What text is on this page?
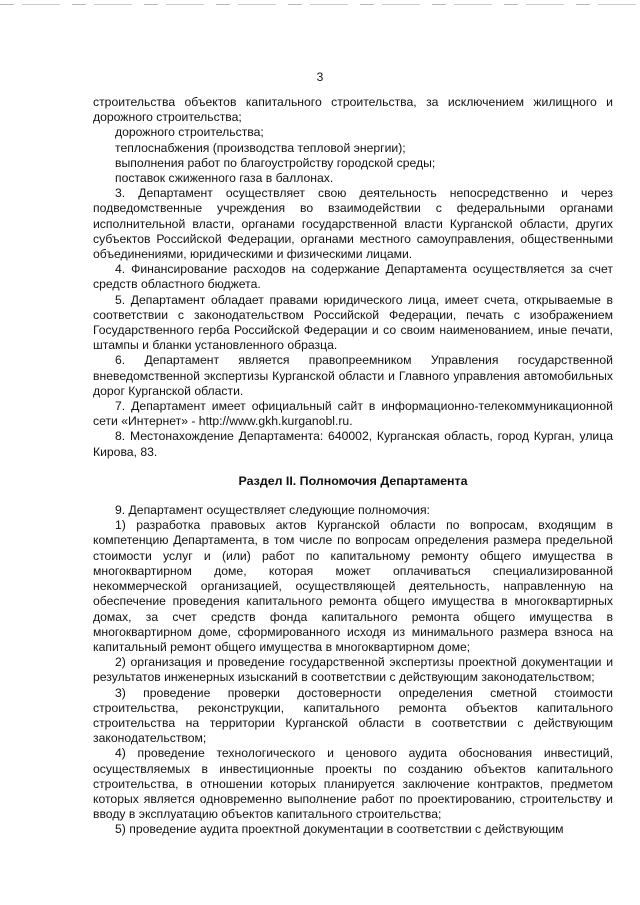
3

строительства объектов капитального строительства, за исключением жилищного и дорожного строительства;

дорожного строительства;

теплоснабжения (производства тепловой энергии);

выполнения работ по благоустройству городской среды;

поставок сжиженного газа в баллонах.

3. Департамент осуществляет свою деятельность непосредственно и через подведомственные учреждения во взаимодействии с федеральными органами исполнительной власти, органами государственной власти Курганской области, других субъектов Российской Федерации, органами местного самоуправления, общественными объединениями, юридическими и физическими лицами.

4. Финансирование расходов на содержание Департамента осуществляется за счет средств областного бюджета.

5. Департамент обладает правами юридического лица, имеет счета, открываемые в соответствии с законодательством Российской Федерации, печать с изображением Государственного герба Российской Федерации и со своим наименованием, иные печати, штампы и бланки установленного образца.

6. Департамент является правопреемником Управления государственной вневедомственной экспертизы Курганской области и Главного управления автомобильных дорог Курганской области.

7. Департамент имеет официальный сайт в информационно-телекоммуникационной сети «Интернет» - http://www.gkh.kurganobl.ru.

8. Местонахождение Департамента: 640002, Курганская область, город Курган, улица Кирова, 83.

Раздел II. Полномочия Департамента

9. Департамент осуществляет следующие полномочия:

1) разработка правовых актов Курганской области по вопросам, входящим в компетенцию Департамента, в том числе по вопросам определения размера предельной стоимости услуг и (или) работ по капитальному ремонту общего имущества в многоквартирном доме, которая может оплачиваться специализированной некоммерческой организацией, осуществляющей деятельность, направленную на обеспечение проведения капитального ремонта общего имущества в многоквартирных домах, за счет средств фонда капитального ремонта общего имущества в многоквартирном доме, сформированного исходя из минимального размера взноса на капитальный ремонт общего имущества в многоквартирном доме;

2) организация и проведение государственной экспертизы проектной документации и результатов инженерных изысканий в соответствии с действующим законодательством;

3) проведение проверки достоверности определения сметной стоимости строительства, реконструкции, капитального ремонта объектов капитального строительства на территории Курганской области в соответствии с действующим законодательством;

4) проведение технологического и ценового аудита обоснования инвестиций, осуществляемых в инвестиционные проекты по созданию объектов капитального строительства, в отношении которых планируется заключение контрактов, предметом которых является одновременно выполнение работ по проектированию, строительству и вводу в эксплуатацию объектов капитального строительства;

5) проведение аудита проектной документации в соответствии с действующим
